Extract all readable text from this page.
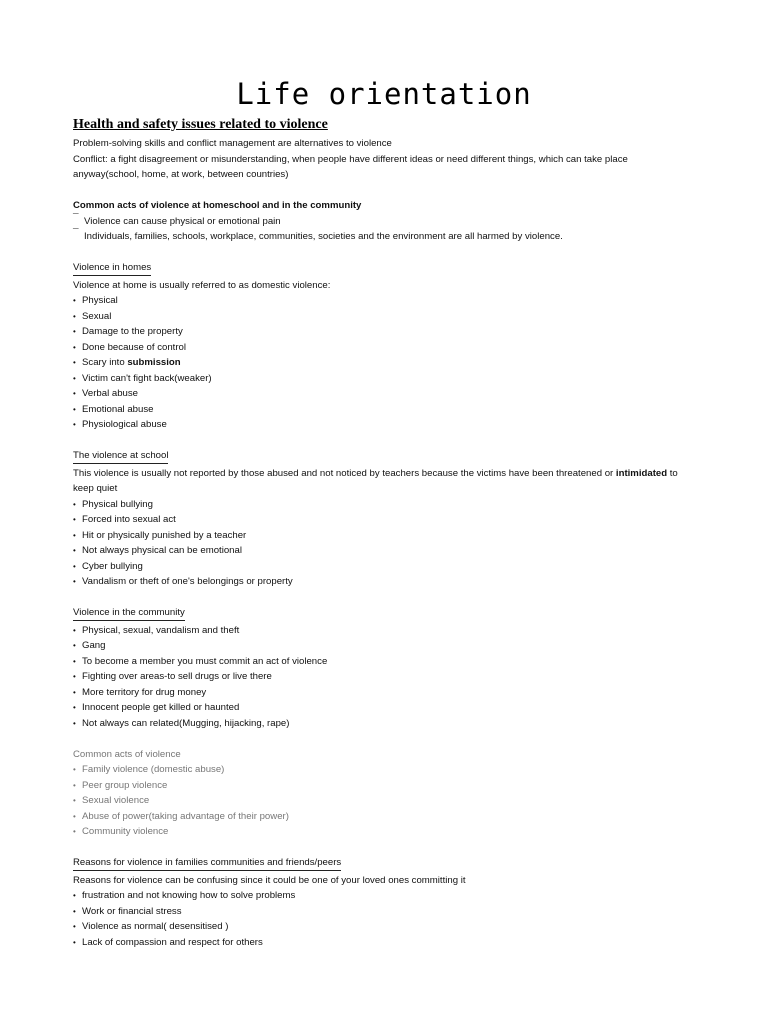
Life orientation
Health and safety issues related to violence

Problem-solving skills and conflict management are alternatives to violence

Conflict: a fight disagreement or misunderstanding, when people have different ideas or need different things, which can take place anyway(school, home, at work, between countries)

Common acts of violence at homeschool and in the community

¯ Violence can cause physical or emotional pain
¯ Individuals, families, schools, workplace, communities, societies and the environment are all harmed by violence.

Violence in homes

Violence at home is usually referred to as domestic violence:

• Physical
• Sexual
• Damage to the property
• Done because of control
• Scary into submission
• Victim can't fight back(weaker)
• Verbal abuse
• Emotional abuse
• Physiological abuse

The violence at school

This violence is usually not reported by those abused and not noticed by teachers because the victims have been threatened or intimidated to keep quiet

• Physical bullying
• Forced into sexual act
• Hit or physically punished by a teacher
• Not always physical can be emotional
• Cyber bullying
• Vandalism or theft of one's belongings or property

Violence in the community

• Physical, sexual, vandalism and theft
• Gang
• To become a member you must commit an act of violence
• Fighting over areas-to sell drugs or live there
• More territory for drug money
• Innocent people get killed or haunted
• Not always can related(Mugging, hijacking, rape)

Common acts of violence

• Family violence (domestic abuse)
• Peer group violence
• Sexual violence
• Abuse of power(taking advantage of their power)
• Community violence

Reasons for violence in families communities and friends/peers

Reasons for violence can be confusing since it could be one of your loved ones committing it

• frustration and not knowing how to solve problems
• Work or financial stress
• Violence as normal( desensitised )
• Lack of compassion and respect for others
